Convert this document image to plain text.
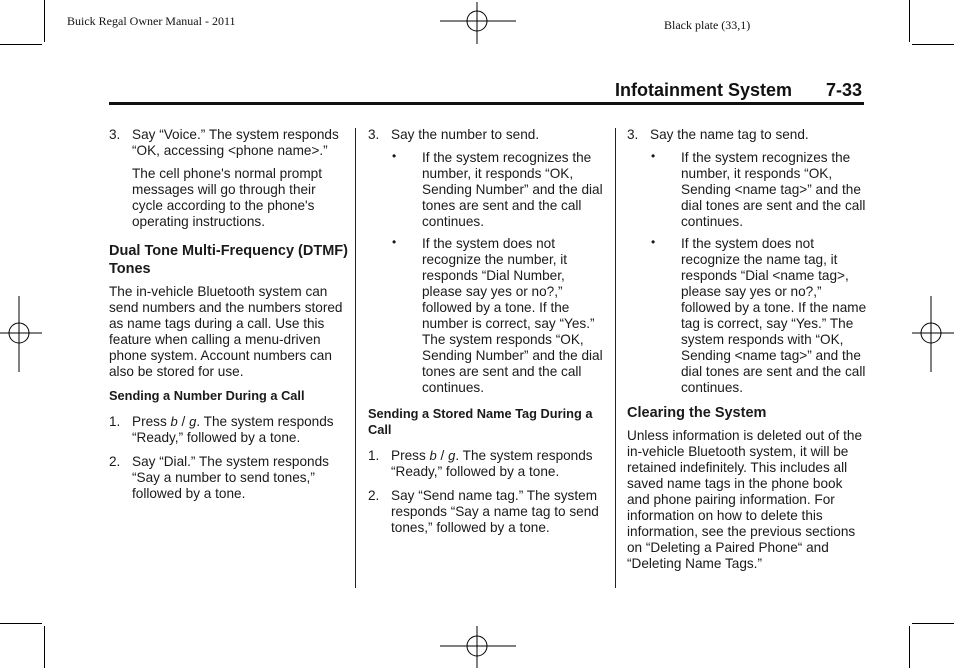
Buick Regal Owner Manual - 2011	Black plate (33,1)
Infotainment System 7-33
3. Say “Voice.” The system responds “OK, accessing <phone name>.”

The cell phone's normal prompt messages will go through their cycle according to the phone's operating instructions.

Dual Tone Multi-Frequency (DTMF) Tones

The in-vehicle Bluetooth system can send numbers and the numbers stored as name tags during a call. Use this feature when calling a menu-driven phone system. Account numbers can also be stored for use.

Sending a Number During a Call
1. Press b / g. The system responds “Ready,” followed by a tone.

2. Say “Dial.” The system responds “Say a number to send tones,” followed by a tone.

3. Say the number to send.

• If the system recognizes the number, it responds “OK, Sending Number” and the dial tones are sent and the call continues.

• If the system does not recognize the number, it responds “Dial Number, please say yes or no?,” followed by a tone. If the number is correct, say “Yes.” The system responds “OK, Sending Number” and the dial tones are sent and the call continues.

Sending a Stored Name Tag During a Call
1. Press b / g. The system responds “Ready,” followed by a tone.

2. Say “Send name tag.” The system responds “Say a name tag to send tones,” followed by a tone.

3. Say the name tag to send.

• If the system recognizes the number, it responds “OK, Sending <name tag>” and the dial tones are sent and the call continues.

• If the system does not recognize the name tag, it responds “Dial <name tag>, please say yes or no?,” followed by a tone. If the name tag is correct, say “Yes.” The system responds with “OK, Sending <name tag>” and the dial tones are sent and the call continues.

Clearing the System

Unless information is deleted out of the in-vehicle Bluetooth system, it will be retained indefinitely. This includes all saved name tags in the phone book and phone pairing information. For information on how to delete this information, see the previous sections on “Deleting a Paired Phone“ and “Deleting Name Tags.”
